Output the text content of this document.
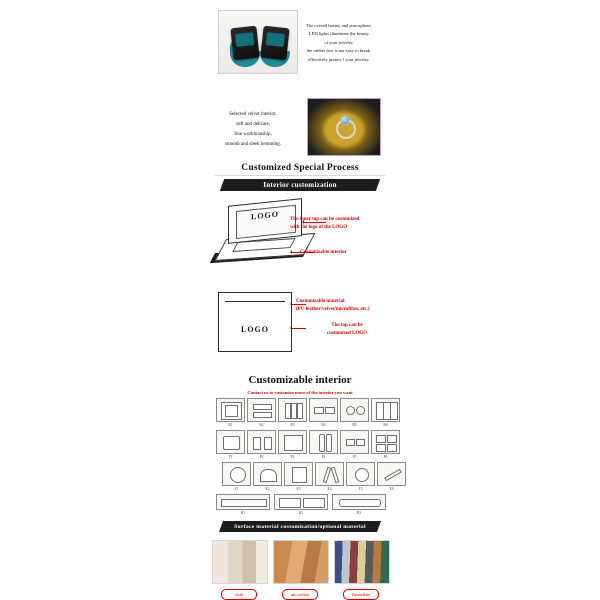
The overall beauty and atmosphere,
LED lights illuminate the beauty
of your jewelry,
the rubber box is not easy to break,
effectively protect l your jewelry.
Selected velvet interior,
soft and delicate,
fine workmanship,
smooth and sleek hemming.
Customized Special Process
Interior customization
LOGO	The inner top can be customized
with the logo of the LOGO
Customizable interior
LOGO
Customizable material
(PU leather/velvet/microfiber, etc.)
The top can be
customized LOGO
Customizable interior
Contact us to customize more of the interior you want
R1	R2	R3	R4	R5	R6
P1	P2	P3	P4	P5	P6
E1	E2	E3	E4	E5	E6
B1	B2	B3
Surface material customization/optional material
cloth	microfiber	flannelette
